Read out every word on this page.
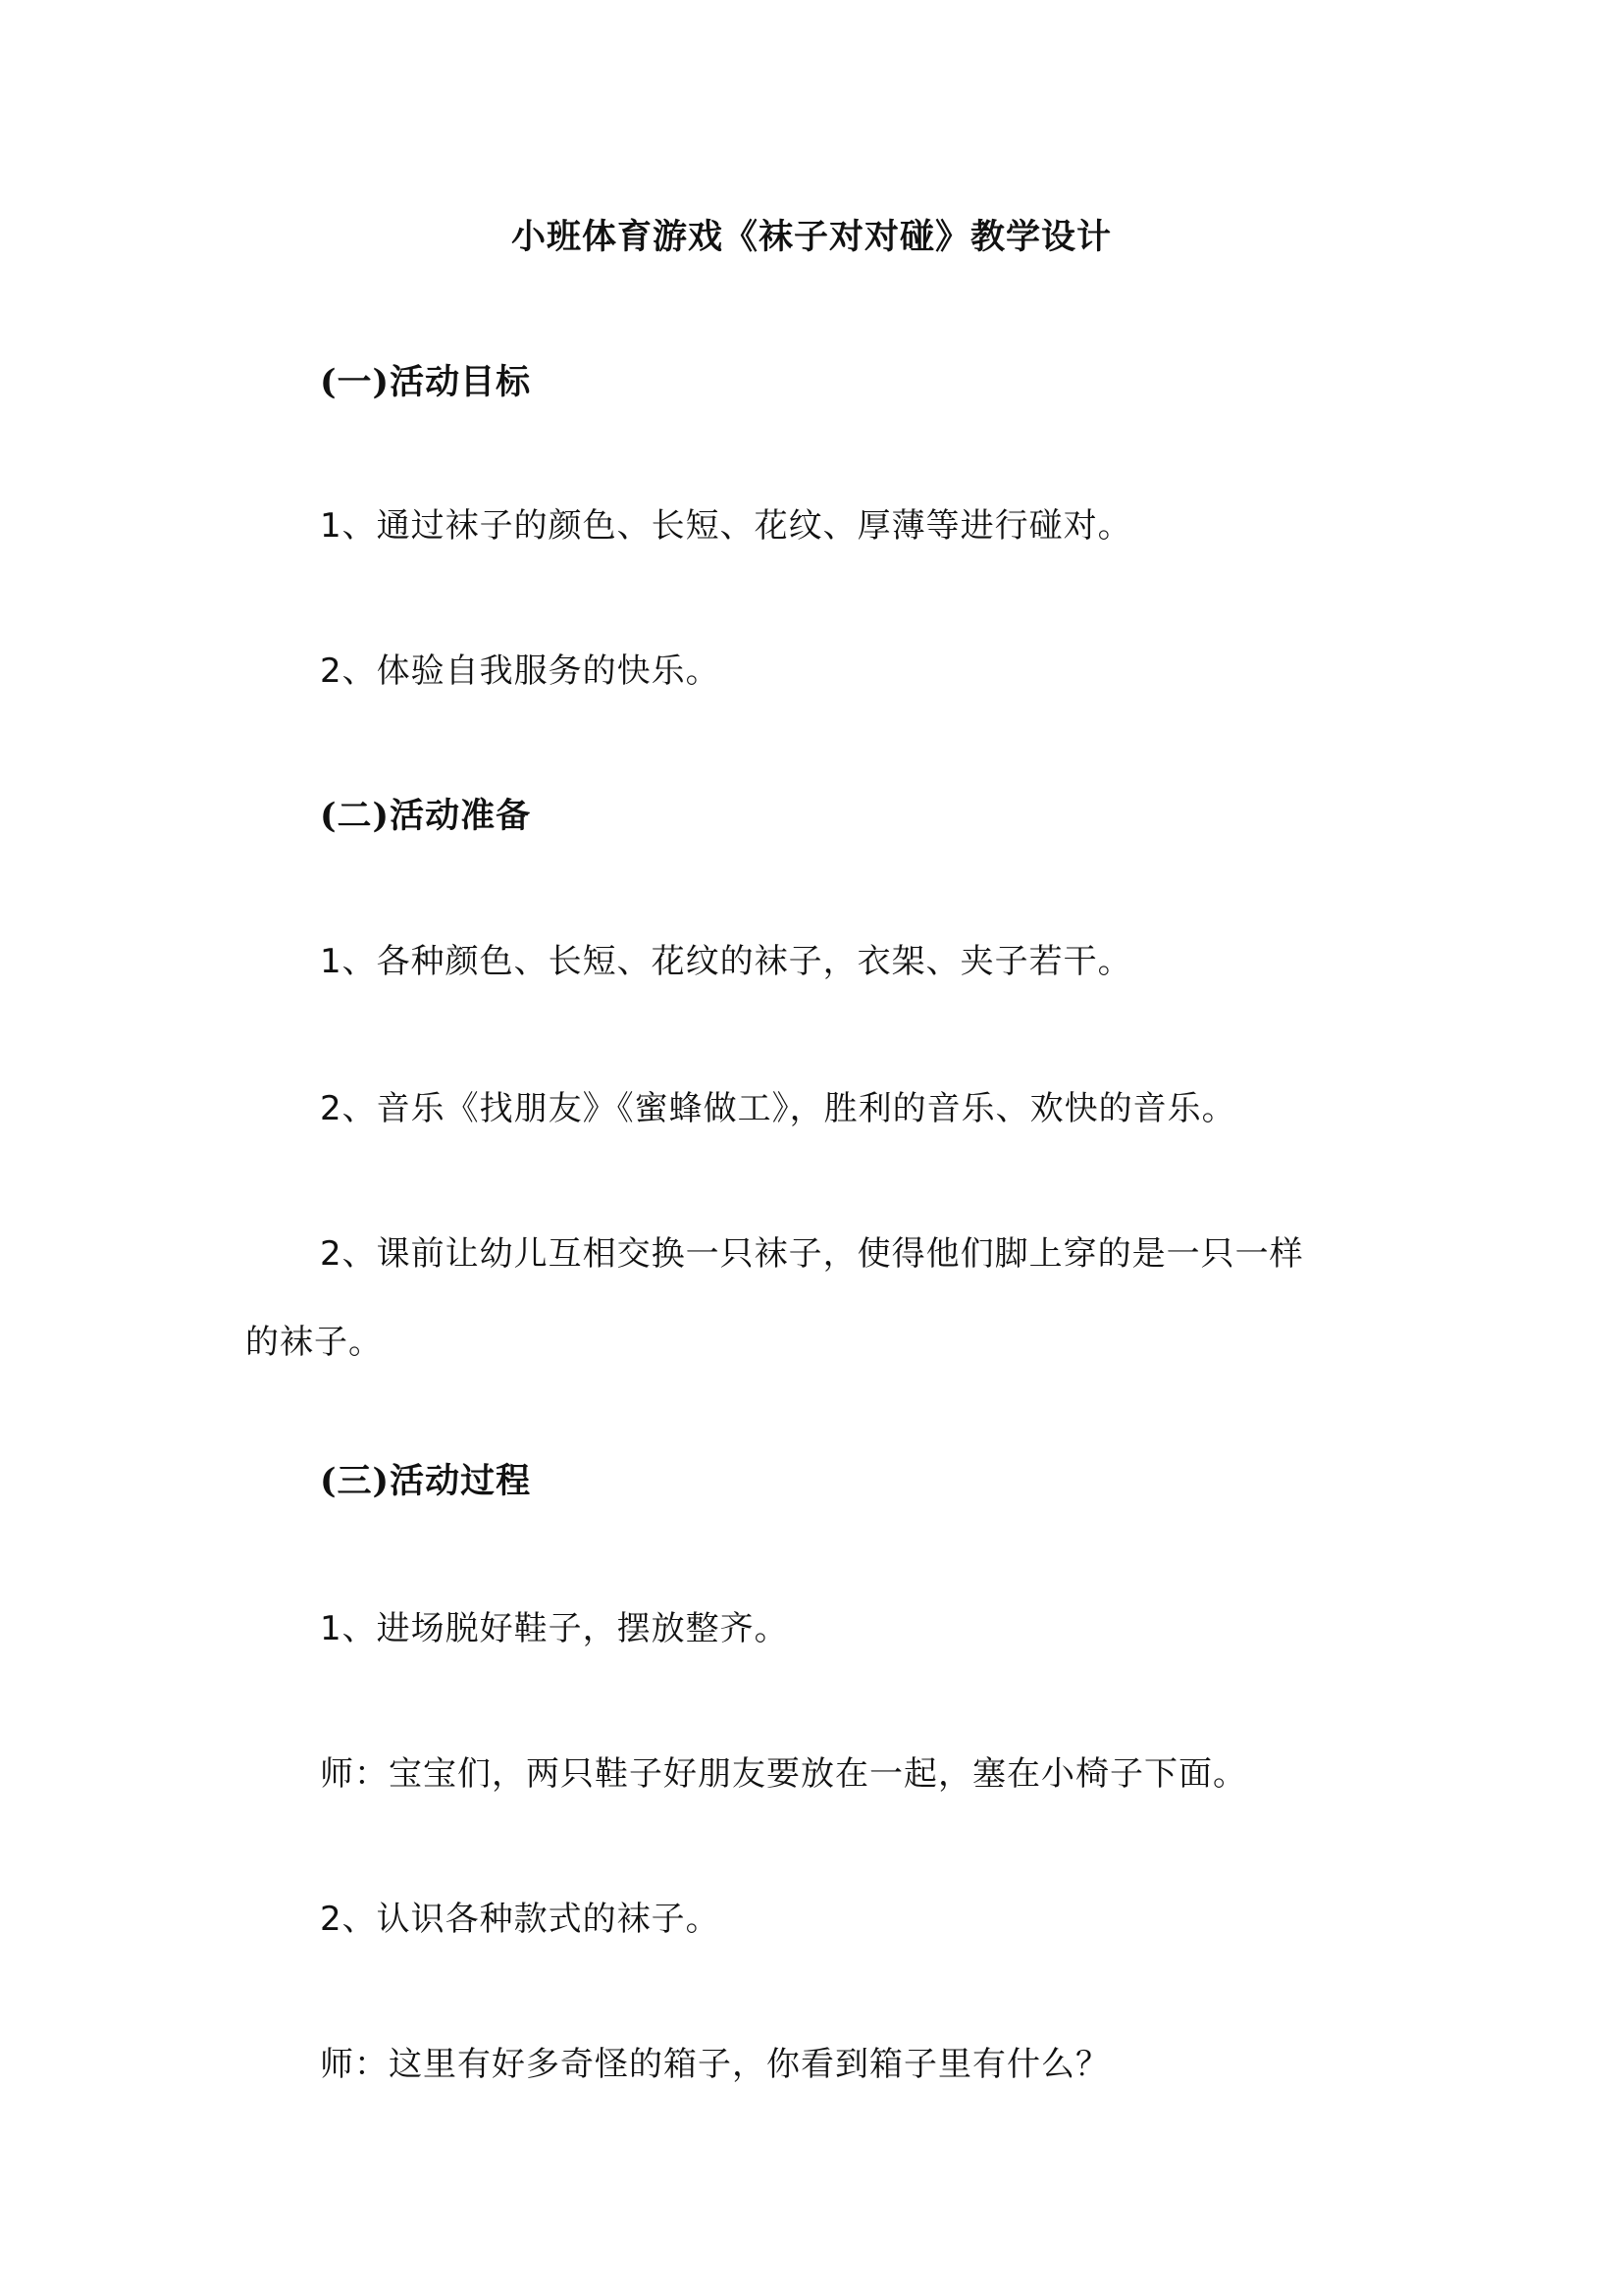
小班体育游戏《袜子对对碰》教学设计
(一)活动目标
1、通过袜子的颜色、长短、花纹、厚薄等进行碰对。
2、体验自我服务的快乐。
(二)活动准备
1、各种颜色、长短、花纹的袜子，衣架、夹子若干。
2、音乐《找朋友》《蜜蜂做工》，胜利的音乐、欢快的音乐。
2、课前让幼儿互相交换一只袜子，使得他们脚上穿的是一只一样
的袜子。
(三)活动过程
1、进场脱好鞋子，摆放整齐。
师：宝宝们，两只鞋子好朋友要放在一起，塞在小椅子下面。
2、认识各种款式的袜子。
师：这里有好多奇怪的箱子，你看到箱子里有什么？
